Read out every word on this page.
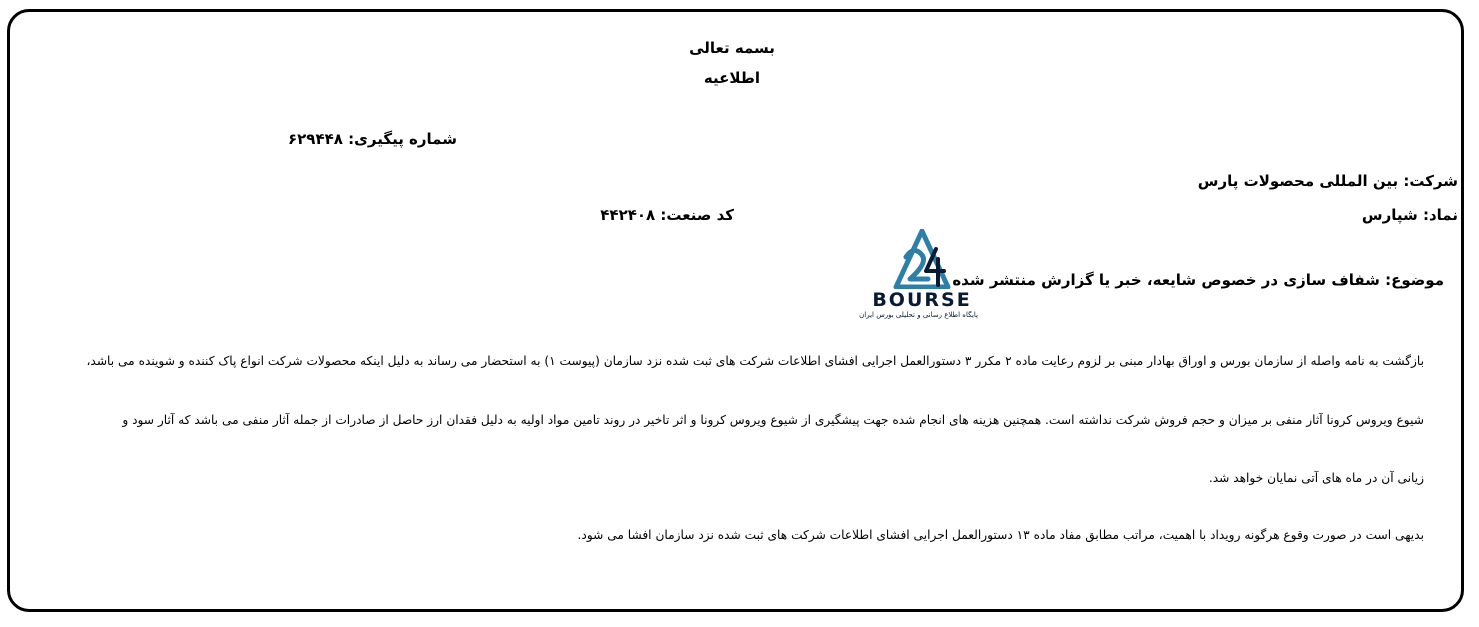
بسمه تعالی
اطلاعیه
شماره پیگیری: ۶۲۹۴۴۸
شرکت: بین المللی محصولات پارس
نماد: شپارس
کد صنعت: ۴۴۲۴۰۸
BOURSE
پایگاه اطلاع رسانی و تحلیلی بورس ایران
موضوع: شفاف سازی در خصوص شایعه، خبر یا گزارش منتشر شده
بازگشت به نامه واصله از سازمان بورس و اوراق بهادار مبنی بر لزوم رعایت ماده ۲ مکرر ۳ دستورالعمل اجرایی افشای اطلاعات شرکت های ثبت شده نزد سازمان (پیوست ۱) به استحضار می رساند به دلیل اینکه محصولات شرکت انواع پاک کننده و شوینده می باشد،
شیوع ویروس کرونا آثار منفی بر میزان و حجم فروش شرکت نداشته است. همچنین هزینه های انجام شده جهت پیشگیری از شیوع ویروس کرونا و اثر تاخیر در روند تامین مواد اولیه به دلیل فقدان ارز حاصل از صادرات از جمله آثار منفی می باشد که آثار سود و
زیانی آن در ماه های آتی نمایان خواهد شد.
بدیهی است در صورت وقوع هرگونه رویداد با اهمیت، مراتب مطابق مفاد ماده ۱۳ دستورالعمل اجرایی افشای اطلاعات شرکت های ثبت شده نزد سازمان افشا می شود.
